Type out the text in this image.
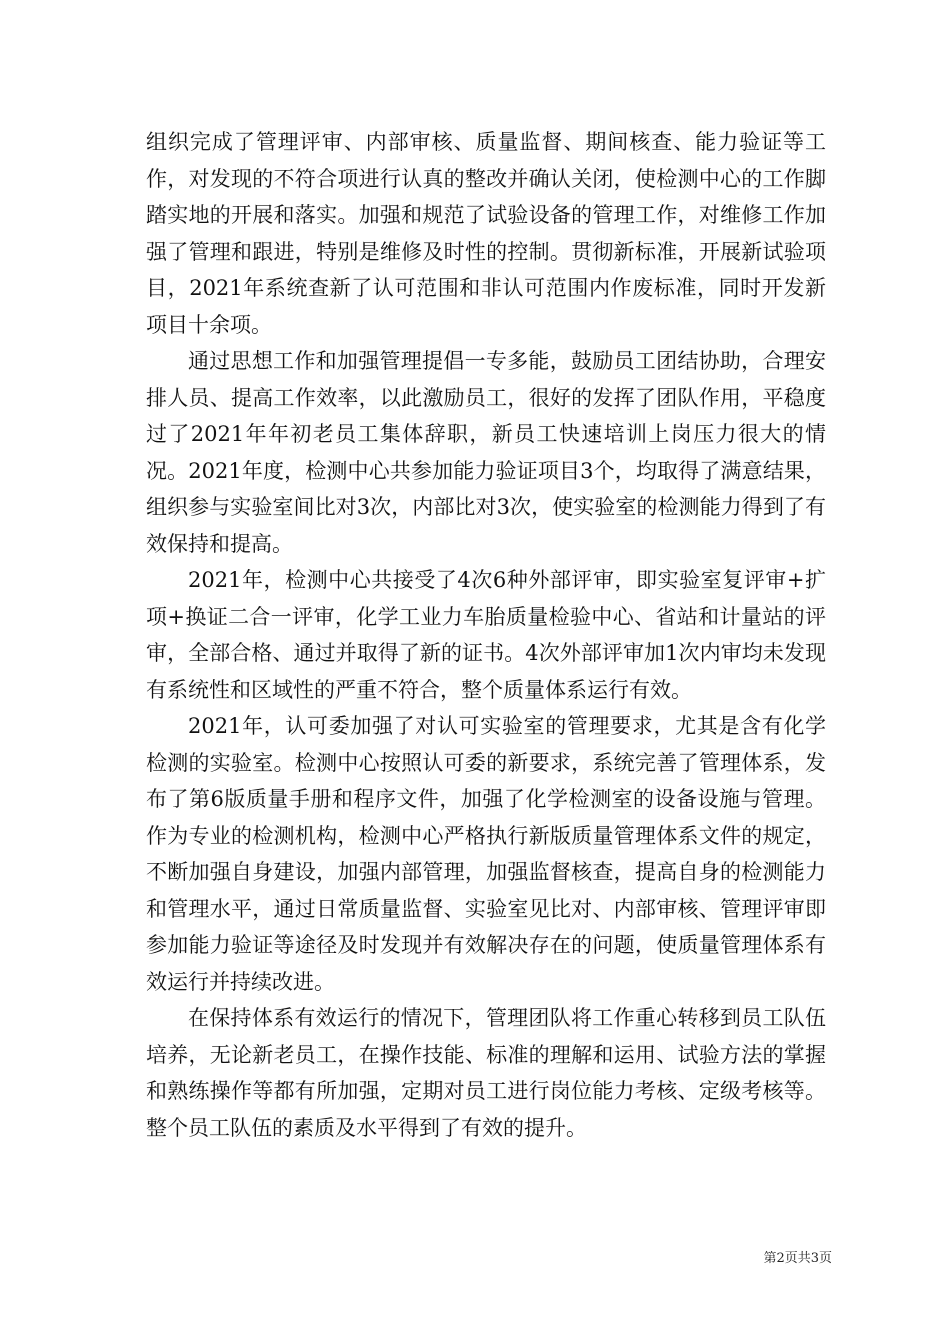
组织完成了管理评审、内部审核、质量监督、期间核查、能力验证等工作，对发现的不符合项进行认真的整改并确认关闭，使检测中心的工作脚踏实地的开展和落实。加强和规范了试验设备的管理工作，对维修工作加强了管理和跟进，特别是维修及时性的控制。贯彻新标准，开展新试验项目，2021年系统查新了认可范围和非认可范围内作废标准，同时开发新项目十余项。

通过思想工作和加强管理提倡一专多能，鼓励员工团结协助，合理安排人员、提高工作效率，以此激励员工，很好的发挥了团队作用，平稳度过了2021年年初老员工集体辞职，新员工快速培训上岗压力很大的情况。2021年度，检测中心共参加能力验证项目3个，均取得了满意结果，组织参与实验室间比对3次，内部比对3次，使实验室的检测能力得到了有效保持和提高。

2021年，检测中心共接受了4次6种外部评审，即实验室复评审+扩项+换证二合一评审，化学工业力车胎质量检验中心、省站和计量站的评审，全部合格、通过并取得了新的证书。4次外部评审加1次内审均未发现有系统性和区域性的严重不符合，整个质量体系运行有效。

2021年，认可委加强了对认可实验室的管理要求，尤其是含有化学检测的实验室。检测中心按照认可委的新要求，系统完善了管理体系，发布了第6版质量手册和程序文件，加强了化学检测室的设备设施与管理。作为专业的检测机构，检测中心严格执行新版质量管理体系文件的规定，不断加强自身建设，加强内部管理，加强监督核查，提高自身的检测能力和管理水平，通过日常质量监督、实验室见比对、内部审核、管理评审即参加能力验证等途径及时发现并有效解决存在的问题，使质量管理体系有效运行并持续改进。

在保持体系有效运行的情况下，管理团队将工作重心转移到员工队伍培养，无论新老员工，在操作技能、标准的理解和运用、试验方法的掌握和熟练操作等都有所加强，定期对员工进行岗位能力考核、定级考核等。整个员工队伍的素质及水平得到了有效的提升。

第2页共3页
